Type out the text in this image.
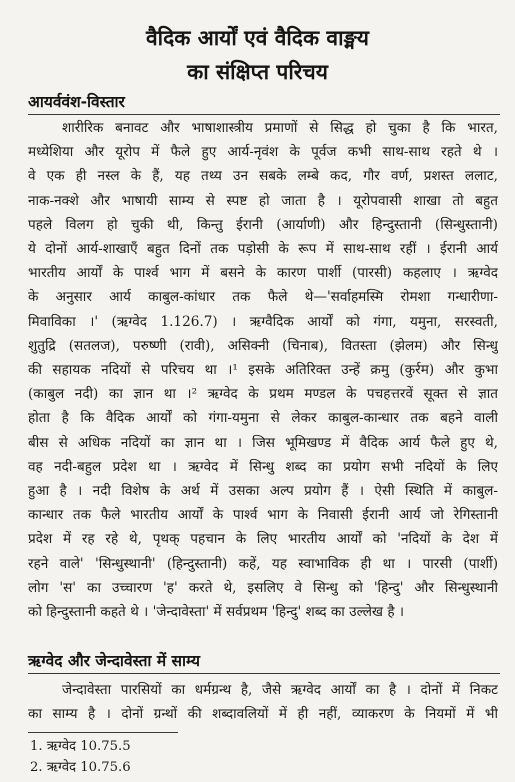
वैदिक आर्यों एवं वैदिक वाङ्मय
का संक्षिप्त परिचय
आयर्ववंश-विस्तार
शारीरिक बनावट और भाषाशास्त्रीय प्रमाणों से सिद्ध हो चुका है कि भारत,
मध्येशिया और यूरोप में फैले हुए आर्य-नृवंश के पूर्वज कभी साथ-साथ रहते थे ।
वे एक ही नस्ल के हैं, यह तथ्य उन सबके लम्बे कद, गौर वर्ण, प्रशस्त ललाट,
नाक-नक्शे और भाषायी साम्य से स्पष्ट हो जाता है । यूरोपवासी शाखा तो बहुत
पहले विलग हो चुकी थी, किन्तु ईरानी (आर्याणी) और हिन्दुस्तानी (सिन्धुस्तानी)
ये दोनों आर्य-शाखाएँ बहुत दिनों तक पड़ोसी के रूप में साथ-साथ रहीं । ईरानी आर्य
भारतीय आर्यों के पार्श्व भाग में बसने के कारण पार्शी (पारसी) कहलाए । ऋग्वेद
के अनुसार आर्य काबुल-कांधार तक फैले थे—'सर्वाहमस्मि रोमशा गन्धारीणा-
मिवाविका ।' (ऋग्वेद 1.126.7) । ऋग्वैदिक आर्यों को गंगा, यमुना, सरस्वती,
शुतुद्रि (सतलज), परुष्णी (रावी), असिक्नी (चिनाब), वितस्ता (झेलम) और सिन्धु
की सहायक नदियों से परिचय था ।¹ इसके अतिरिक्त उन्हें क्रमु (कुर्रम) और कुभा
(काबुल नदी) का ज्ञान था ।² ऋग्वेद के प्रथम मण्डल के पचहत्तरवें सूक्त से ज्ञात
होता है कि वैदिक आर्यों को गंगा-यमुना से लेकर काबुल-कान्धार तक बहने वाली
बीस से अधिक नदियों का ज्ञान था । जिस भूमिखण्ड में वैदिक आर्य फैले हुए थे,
वह नदी-बहुल प्रदेश था । ऋग्वेद में सिन्धु शब्द का प्रयोग सभी नदियों के लिए
हुआ है । नदी विशेष के अर्थ में उसका अल्प प्रयोग हैं । ऐसी स्थिति में काबुल-
कान्धार तक फैले भारतीय आर्यों के पार्श्व भाग के निवासी ईरानी आर्य जो रेगिस्तानी
प्रदेश में रह रहे थे, पृथक् पहचान के लिए भारतीय आर्यों को 'नदियों के देश में
रहने वाले' 'सिन्धुस्थानी' (हिन्दुस्तानी) कहें, यह स्वाभाविक ही था । पारसी (पार्शी)
लोग 'स' का उच्चारण 'ह' करते थे, इसलिए वे सिन्धु को 'हिन्दु' और सिन्धुस्थानी
को हिन्दुस्तानी कहते थे । 'जेन्दावेस्ता' में सर्वप्रथम 'हिन्दु' शब्द का उल्लेख है ।
ऋग्वेद और जेन्दावेस्ता में साम्य
जेन्दावेस्ता पारसियों का धर्मग्रन्थ है, जैसे ऋग्वेद आर्यों का है । दोनों में निकट
का साम्य है । दोनों ग्रन्थों की शब्दावलियों में ही नहीं, व्याकरण के नियमों में भी
1. ऋग्वेद 10.75.5
2. ऋग्वेद 10.75.6
